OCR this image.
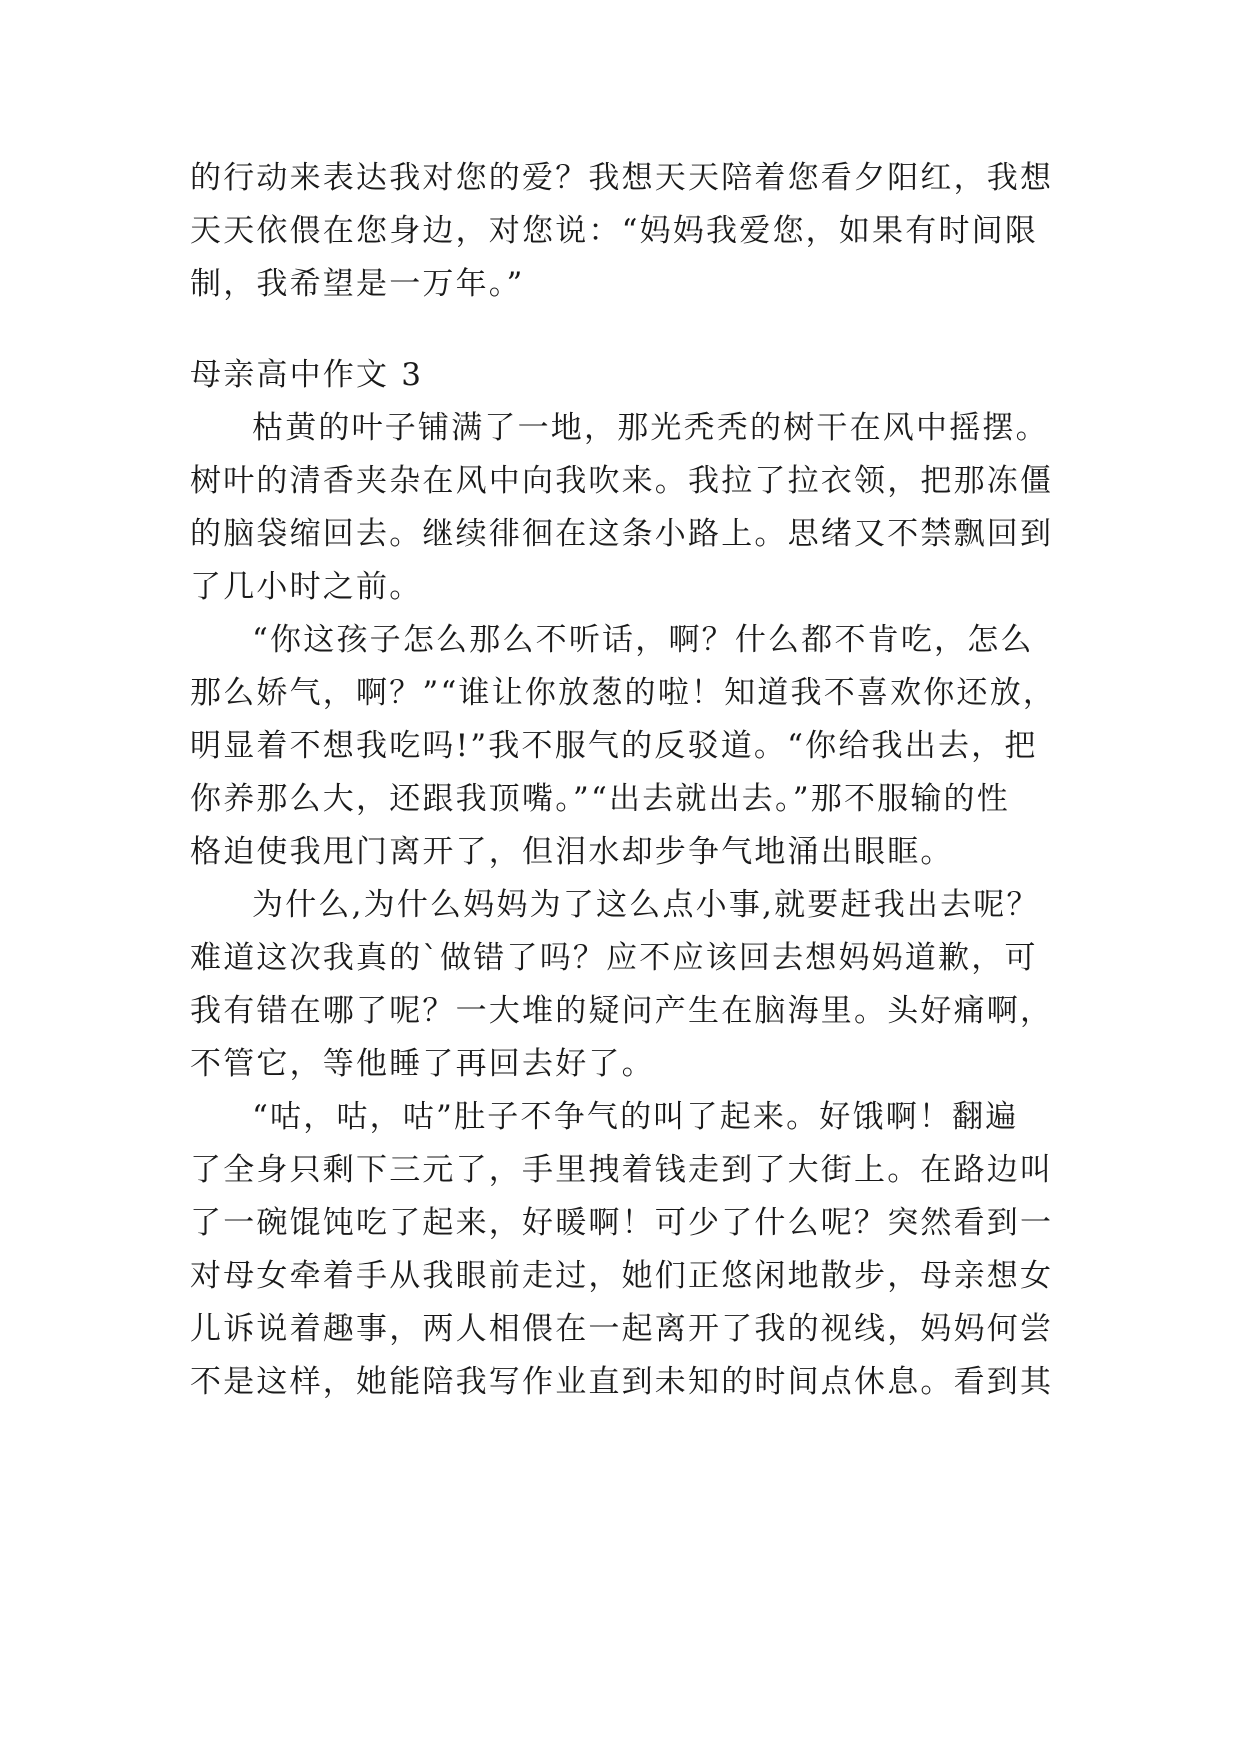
的行动来表达我对您的爱？我想天天陪着您看夕阳红，我想
天天依偎在您身边，对您说：“妈妈我爱您，如果有时间限
制，我希望是一万年。”
母亲高中作文 3
枯黄的叶子铺满了一地，那光秃秃的树干在风中摇摆。
树叶的清香夹杂在风中向我吹来。我拉了拉衣领，把那冻僵
的脑袋缩回去。继续徘徊在这条小路上。思绪又不禁飘回到
了几小时之前。
“你这孩子怎么那么不听话，啊？什么都不肯吃，怎么
那么娇气，啊？”“谁让你放葱的啦！知道我不喜欢你还放，
明显着不想我吃吗!”我不服气的反驳道。“你给我出去，把
你养那么大，还跟我顶嘴。”“出去就出去。”那不服输的性
格迫使我甩门离开了，但泪水却步争气地涌出眼眶。
为什么,为什么妈妈为了这么点小事,就要赶我出去呢？
难道这次我真的`做错了吗？应不应该回去想妈妈道歉，可
我有错在哪了呢？一大堆的疑问产生在脑海里。头好痛啊，
不管它，等他睡了再回去好了。
“咕，咕，咕”肚子不争气的叫了起来。好饿啊！翻遍
了全身只剩下三元了，手里拽着钱走到了大街上。在路边叫
了一碗馄饨吃了起来，好暖啊！可少了什么呢？突然看到一
对母女牵着手从我眼前走过，她们正悠闲地散步，母亲想女
儿诉说着趣事，两人相偎在一起离开了我的视线，妈妈何尝
不是这样，她能陪我写作业直到未知的时间点休息。看到其
